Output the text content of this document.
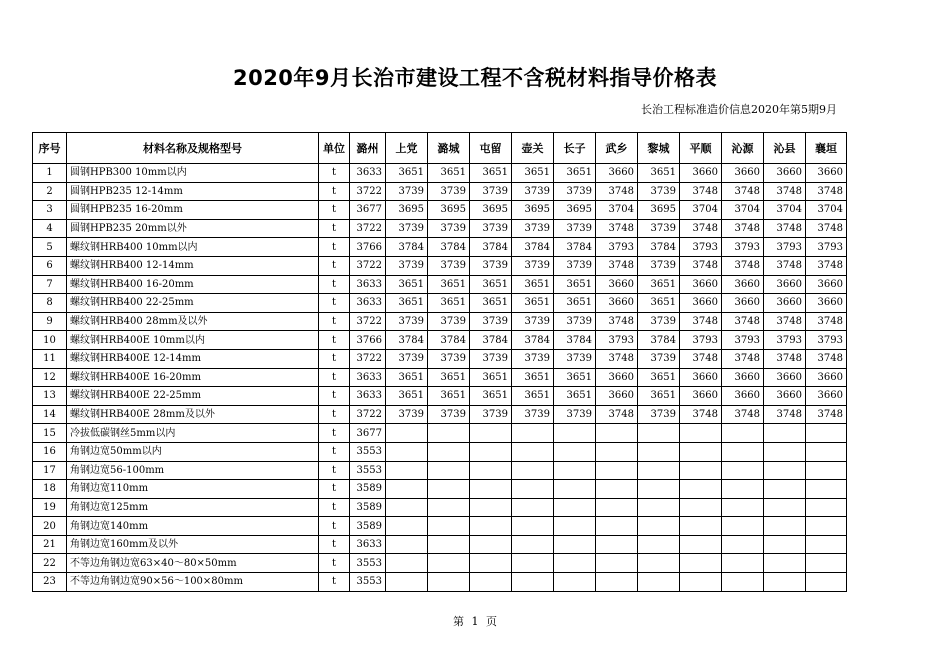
2020年9月长治市建设工程不含税材料指导价格表
长治工程标准造价信息2020年第5期9月
序号	材料名称及规格型号	单位	潞州	上党	潞城	屯留	壶关	长子	武乡	黎城	平顺	沁源	沁县	襄垣
1	圆钢HPB300 10mm以内	t	3633	3651	3651	3651	3651	3651	3660	3651	3660	3660	3660	3660
2	圆钢HPB235 12-14mm	t	3722	3739	3739	3739	3739	3739	3748	3739	3748	3748	3748	3748
3	圆钢HPB235 16-20mm	t	3677	3695	3695	3695	3695	3695	3704	3695	3704	3704	3704	3704
4	圆钢HPB235 20mm以外	t	3722	3739	3739	3739	3739	3739	3748	3739	3748	3748	3748	3748
5	螺纹钢HRB400 10mm以内	t	3766	3784	3784	3784	3784	3784	3793	3784	3793	3793	3793	3793
6	螺纹钢HRB400 12-14mm	t	3722	3739	3739	3739	3739	3739	3748	3739	3748	3748	3748	3748
7	螺纹钢HRB400 16-20mm	t	3633	3651	3651	3651	3651	3651	3660	3651	3660	3660	3660	3660
8	螺纹钢HRB400 22-25mm	t	3633	3651	3651	3651	3651	3651	3660	3651	3660	3660	3660	3660
9	螺纹钢HRB400 28mm及以外	t	3722	3739	3739	3739	3739	3739	3748	3739	3748	3748	3748	3748
10	螺纹钢HRB400E 10mm以内	t	3766	3784	3784	3784	3784	3784	3793	3784	3793	3793	3793	3793
11	螺纹钢HRB400E 12-14mm	t	3722	3739	3739	3739	3739	3739	3748	3739	3748	3748	3748	3748
12	螺纹钢HRB400E 16-20mm	t	3633	3651	3651	3651	3651	3651	3660	3651	3660	3660	3660	3660
13	螺纹钢HRB400E 22-25mm	t	3633	3651	3651	3651	3651	3651	3660	3651	3660	3660	3660	3660
14	螺纹钢HRB400E 28mm及以外	t	3722	3739	3739	3739	3739	3739	3748	3739	3748	3748	3748	3748
15	冷拔低碳钢丝5mm以内	t	3677											
16	角钢边宽50mm以内	t	3553											
17	角钢边宽56-100mm	t	3553											
18	角钢边宽110mm	t	3589											
19	角钢边宽125mm	t	3589											
20	角钢边宽140mm	t	3589											
21	角钢边宽160mm及以外	t	3633											
22	不等边角钢边宽63×40～80×50mm	t	3553											
23	不等边角钢边宽90×56～100×80mm	t	3553											
第 1 页
